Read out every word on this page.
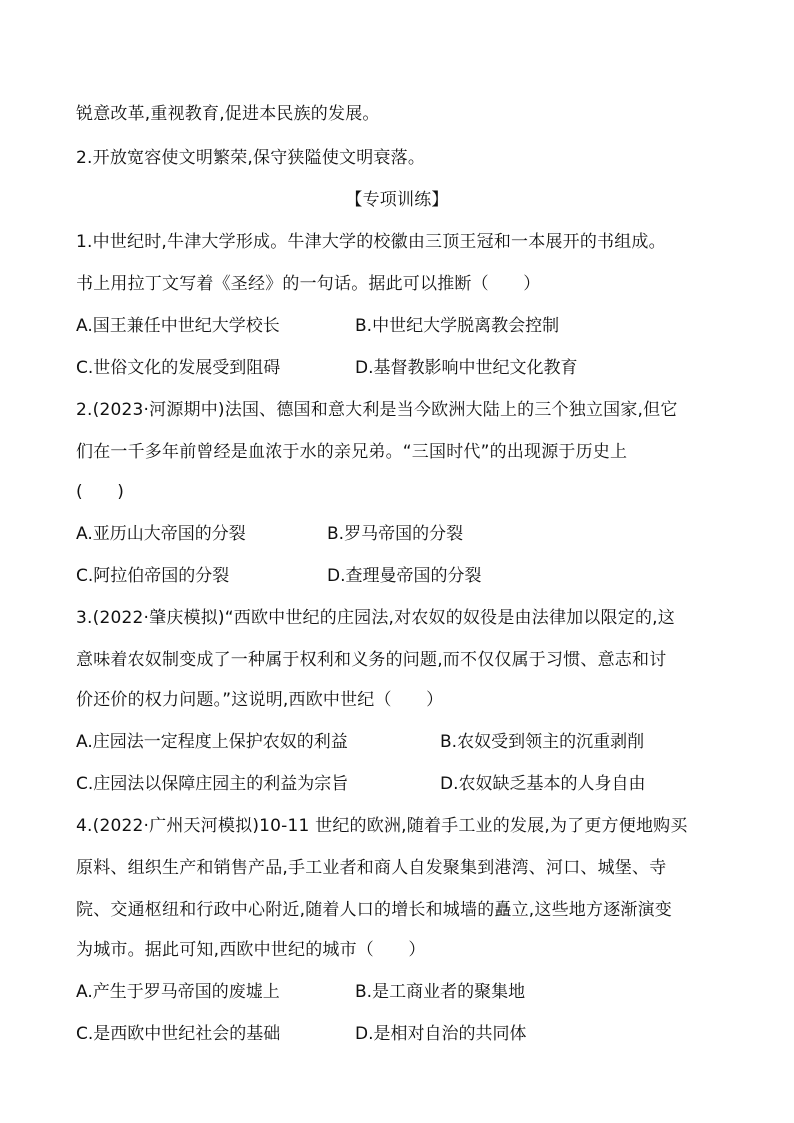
锐意改革,重视教育,促进本民族的发展。
2.开放宽容使文明繁荣,保守狭隘使文明衰落。
【专项训练】
1.中世纪时,牛津大学形成。牛津大学的校徽由三顶王冠和一本展开的书组成。
书上用拉丁文写着《圣经》的一句话。据此可以推断（　　）
A.国王兼任中世纪大学校长	B.中世纪大学脱离教会控制
C.世俗文化的发展受到阻碍	D.基督教影响中世纪文化教育
2.(2023·河源期中)法国、德国和意大利是当今欧洲大陆上的三个独立国家,但它
们在一千多年前曾经是血浓于水的亲兄弟。“三国时代”的出现源于历史上
(　　)
A.亚历山大帝国的分裂	B.罗马帝国的分裂
C.阿拉伯帝国的分裂	D.查理曼帝国的分裂
3.(2022·肇庆模拟)“西欧中世纪的庄园法,对农奴的奴役是由法律加以限定的,这
意味着农奴制变成了一种属于权利和义务的问题,而不仅仅属于习惯、意志和讨
价还价的权力问题。”这说明,西欧中世纪（　　）
A.庄园法一定程度上保护农奴的利益	B.农奴受到领主的沉重剥削
C.庄园法以保障庄园主的利益为宗旨	D.农奴缺乏基本的人身自由
4.(2022·广州天河模拟)10-11 世纪的欧洲,随着手工业的发展,为了更方便地购买
原料、组织生产和销售产品,手工业者和商人自发聚集到港湾、河口、城堡、寺
院、交通枢纽和行政中心附近,随着人口的增长和城墙的矗立,这些地方逐渐演变
为城市。据此可知,西欧中世纪的城市（　　）
A.产生于罗马帝国的废墟上	B.是工商业者的聚集地
C.是西欧中世纪社会的基础	D.是相对自治的共同体
